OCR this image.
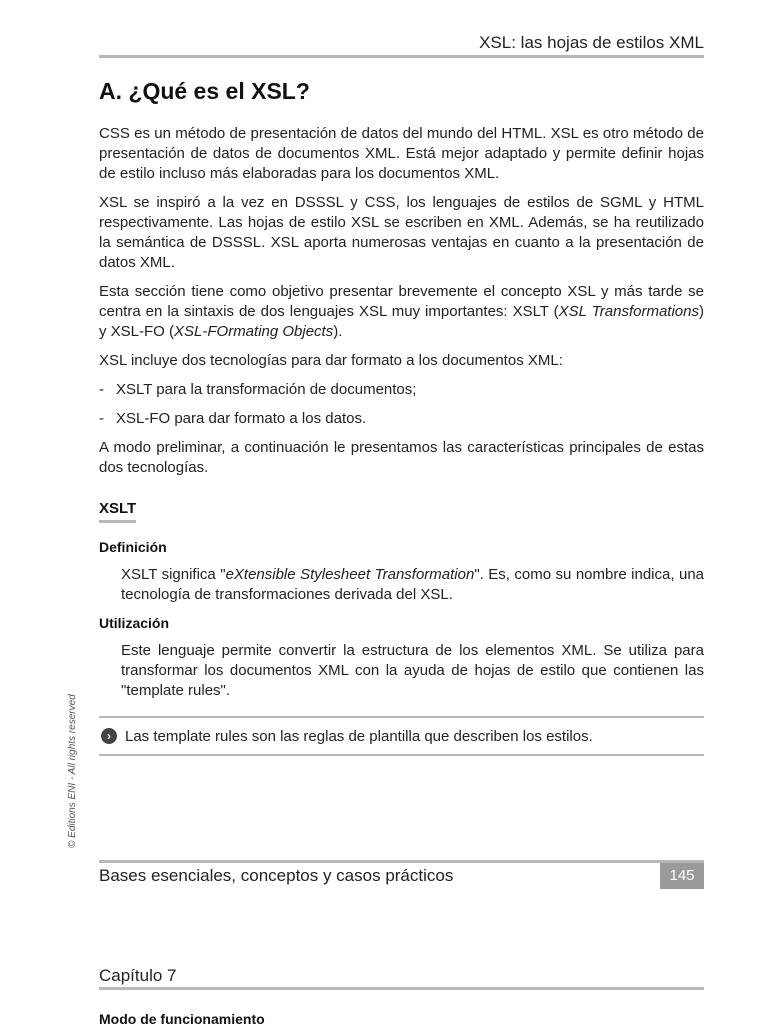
XSL: las hojas de estilos XML
A. ¿Qué es el XSL?

CSS es un método de presentación de datos del mundo del HTML. XSL es otro método de presentación de datos de documentos XML. Está mejor adaptado y permite definir hojas de estilo incluso más elaboradas para los documentos XML.

XSL se inspiró a la vez en DSSSL y CSS, los lenguajes de estilos de SGML y HTML respectivamente. Las hojas de estilo XSL se escriben en XML. Además, se ha reutilizado la semántica de DSSSL. XSL aporta numerosas ventajas en cuanto a la presentación de datos XML.

Esta sección tiene como objetivo presentar brevemente el concepto XSL y más tarde se centra en la sintaxis de dos lenguajes XSL muy importantes: XSLT (XSL Transformations) y XSL-FO (XSL-FOrmating Objects).

XSL incluye dos tecnologías para dar formato a los documentos XML:

- XSLT para la transformación de documentos;
- XSL-FO para dar formato a los datos.

A modo preliminar, a continuación le presentamos las características principales de estas dos tecnologías.

XSLT
Definición

XSLT significa "eXtensible Stylesheet Transformation". Es, como su nombre indica, una tecnología de transformaciones derivada del XSL.

Utilización

Este lenguaje permite convertir la estructura de los elementos XML. Se utiliza para transformar los documentos XML con la ayuda de hojas de estilo que contienen las "template rules".

› Las template rules son las reglas de plantilla que describen los estilos.
© Editions ENI - All rights reserved
Bases esenciales, conceptos y casos prácticos	145
Capítulo 7
Modo de funcionamiento
